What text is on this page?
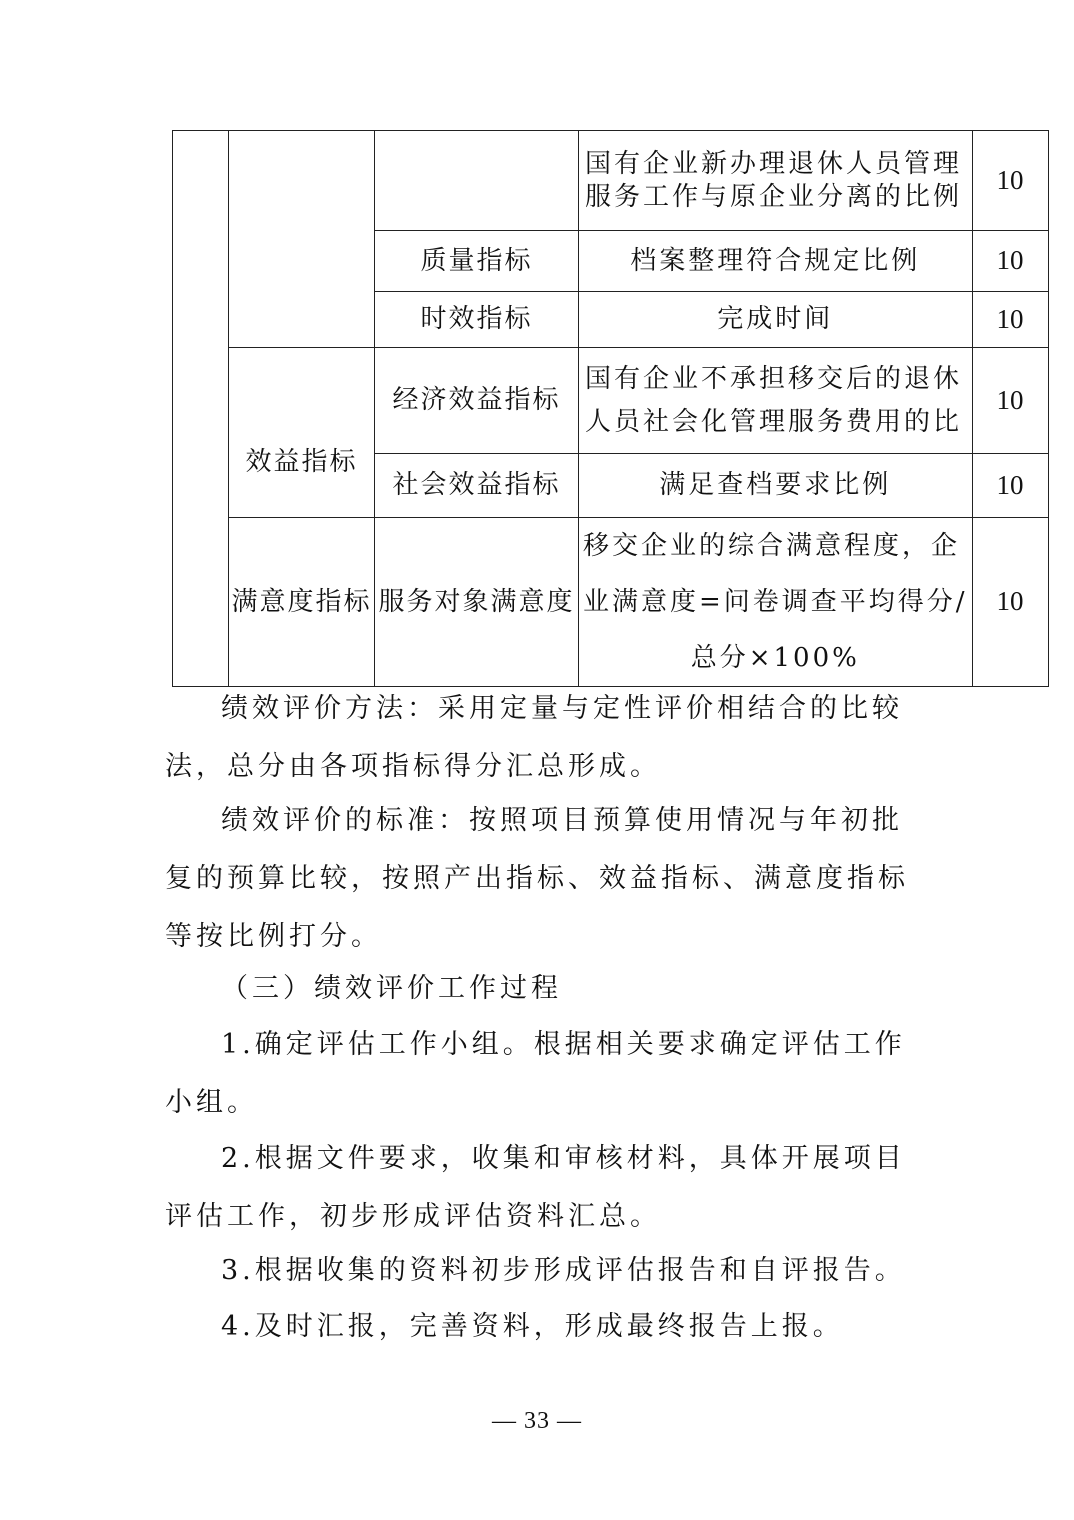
			国有企业新办理退休人员管理
服务工作与原企业分离的比例	10
		质量指标	档案整理符合规定比例	10
		时效指标	完成时间	10
	效益指标	经济效益指标	国有企业不承担移交后的退休
人员社会化管理服务费用的比	10
		社会效益指标	满足查档要求比例	10
	满意度指标	服务对象满意度	移交企业的综合满意程度，企
业满意度=问卷调查平均得分/
总分×100%	10

绩效评价方法：采用定量与定性评价相结合的比较法，总分由各项指标得分汇总形成。

绩效评价的标准：按照项目预算使用情况与年初批复的预算比较，按照产出指标、效益指标、满意度指标等按比例打分。

（三）绩效评价工作过程

1.确定评估工作小组。根据相关要求确定评估工作小组。

2.根据文件要求，收集和审核材料，具体开展项目评估工作，初步形成评估资料汇总。

3.根据收集的资料初步形成评估报告和自评报告。

4.及时汇报，完善资料，形成最终报告上报。

— 33 —
